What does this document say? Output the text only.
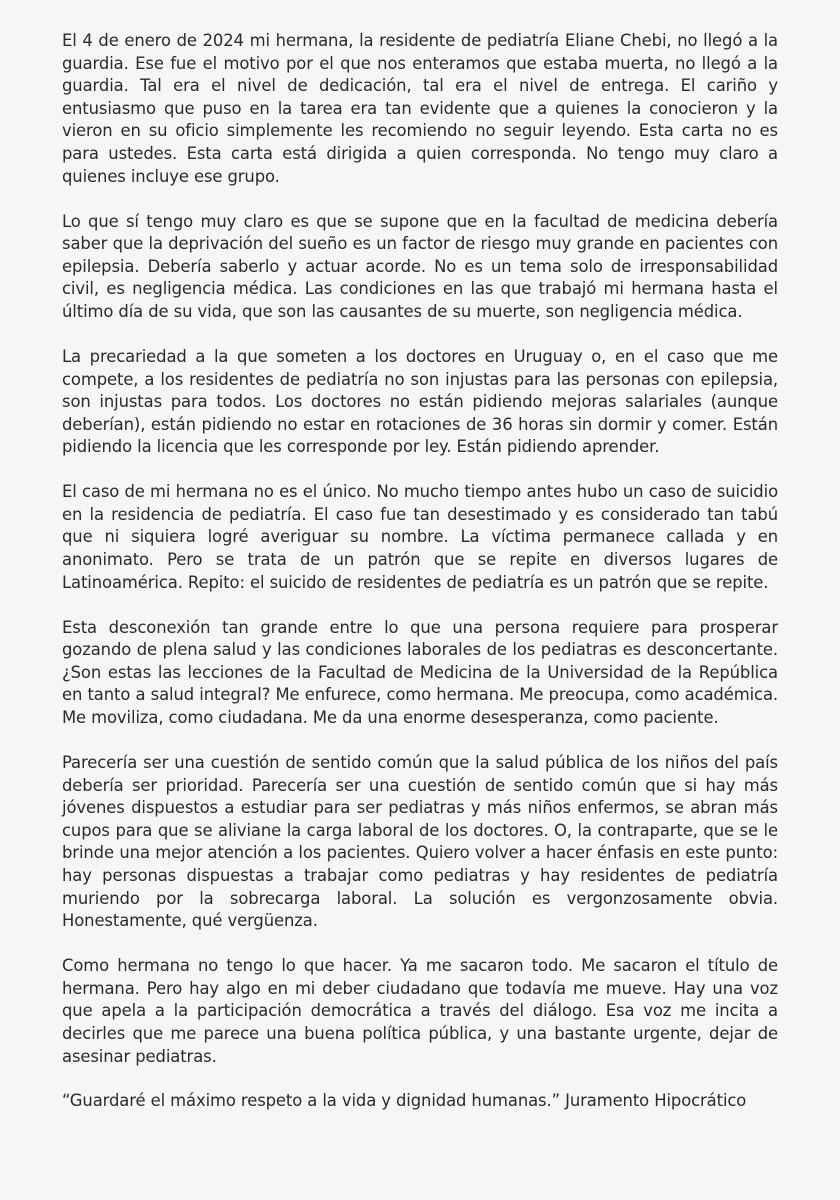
El 4 de enero de 2024 mi hermana, la residente de pediatría Eliane Chebi, no llegó a la guardia. Ese fue el motivo por el que nos enteramos que estaba muerta, no llegó a la guardia. Tal era el nivel de dedicación, tal era el nivel de entrega. El cariño y entusiasmo que puso en la tarea era tan evidente que a quienes la conocieron y la vieron en su oficio simplemente les recomiendo no seguir leyendo. Esta carta no es para ustedes. Esta carta está dirigida a quien corresponda. No tengo muy claro a quienes incluye ese grupo.

Lo que sí tengo muy claro es que se supone que en la facultad de medicina debería saber que la deprivación del sueño es un factor de riesgo muy grande en pacientes con epilepsia. Debería saberlo y actuar acorde. No es un tema solo de irresponsabilidad civil, es negligencia médica. Las condiciones en las que trabajó mi hermana hasta el último día de su vida, que son las causantes de su muerte, son negligencia médica.

La precariedad a la que someten a los doctores en Uruguay o, en el caso que me compete, a los residentes de pediatría no son injustas para las personas con epilepsia, son injustas para todos. Los doctores no están pidiendo mejoras salariales (aunque deberían), están pidiendo no estar en rotaciones de 36 horas sin dormir y comer. Están pidiendo la licencia que les corresponde por ley. Están pidiendo aprender.

El caso de mi hermana no es el único. No mucho tiempo antes hubo un caso de suicidio en la residencia de pediatría. El caso fue tan desestimado y es considerado tan tabú que ni siquiera logré averiguar su nombre. La víctima permanece callada y en anonimato. Pero se trata de un patrón que se repite en diversos lugares de Latinoamérica. Repito: el suicido de residentes de pediatría es un patrón que se repite.

Esta desconexión tan grande entre lo que una persona requiere para prosperar gozando de plena salud y las condiciones laborales de los pediatras es desconcertante. ¿Son estas las lecciones de la Facultad de Medicina de la Universidad de la República en tanto a salud integral? Me enfurece, como hermana. Me preocupa, como académica. Me moviliza, como ciudadana. Me da una enorme desesperanza, como paciente.

Parecería ser una cuestión de sentido común que la salud pública de los niños del país debería ser prioridad. Parecería ser una cuestión de sentido común que si hay más jóvenes dispuestos a estudiar para ser pediatras y más niños enfermos, se abran más cupos para que se aliviane la carga laboral de los doctores. O, la contraparte, que se le brinde una mejor atención a los pacientes. Quiero volver a hacer énfasis en este punto: hay personas dispuestas a trabajar como pediatras y hay residentes de pediatría muriendo por la sobrecarga laboral. La solución es vergonzosamente obvia. Honestamente, qué vergüenza.

Como hermana no tengo lo que hacer. Ya me sacaron todo. Me sacaron el título de hermana. Pero hay algo en mi deber ciudadano que todavía me mueve. Hay una voz que apela a la participación democrática a través del diálogo. Esa voz me incita a decirles que me parece una buena política pública, y una bastante urgente, dejar de asesinar pediatras.

“Guardaré el máximo respeto a la vida y dignidad humanas.” Juramento Hipocrático
